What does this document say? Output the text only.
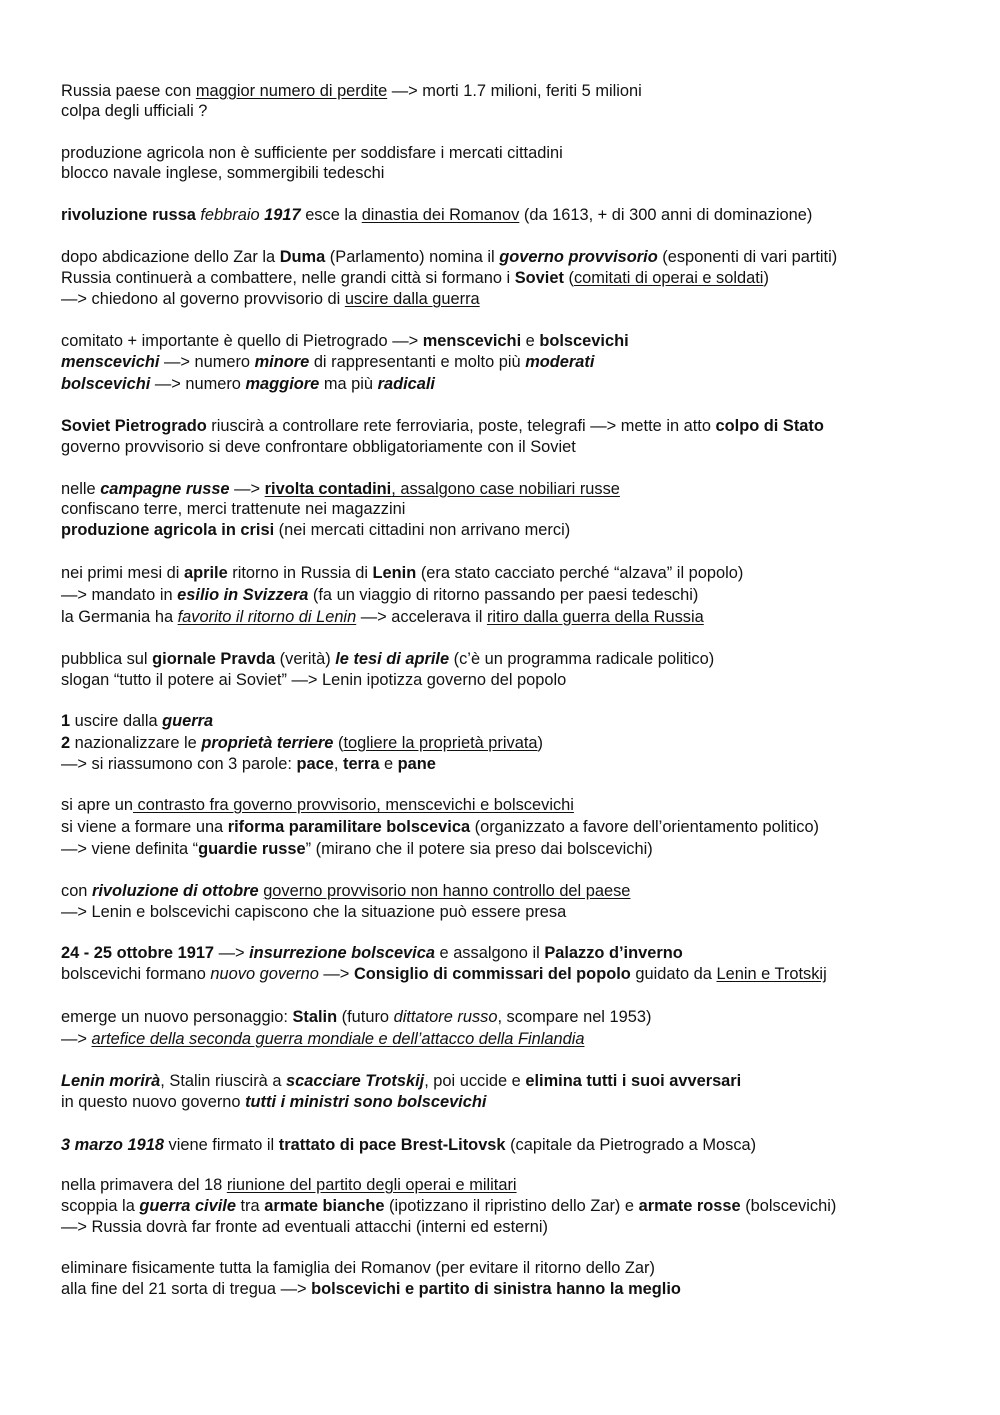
Russia paese con maggior numero di perdite —> morti 1.7 milioni, feriti 5 milioni
colpa degli ufficiali ?
produzione agricola non è sufficiente per soddisfare i mercati cittadini
blocco navale inglese, sommergibili tedeschi
rivoluzione russa febbraio 1917 esce la dinastia dei Romanov (da 1613, + di 300 anni di dominazione)
dopo abdicazione dello Zar la Duma (Parlamento) nomina il governo provvisorio (esponenti di vari partiti)
Russia continuerà a combattere, nelle grandi città si formano i Soviet (comitati di operai e soldati)
—> chiedono al governo provvisorio di uscire dalla guerra
comitato + importante è quello di Pietrogrado —> menscevichi e bolscevichi
menscevichi —> numero minore di rappresentanti e molto più moderati
bolscevichi —> numero maggiore ma più radicali
Soviet Pietrogrado riuscirà a controllare rete ferroviaria, poste, telegrafi —> mette in atto colpo di Stato
governo provvisorio si deve confrontare obbligatoriamente con il Soviet
nelle campagne russe —> rivolta contadini, assalgono case nobiliari russe
confiscano terre, merci trattenute nei magazzini
produzione agricola in crisi (nei mercati cittadini non arrivano merci)
nei primi mesi di aprile ritorno in Russia di Lenin (era stato cacciato perché “alzava” il popolo)
—> mandato in esilio in Svizzera (fa un viaggio di ritorno passando per paesi tedeschi)
la Germania ha favorito il ritorno di Lenin —> accelerava il ritiro dalla guerra della Russia
pubblica sul giornale Pravda (verità) le tesi di aprile (c’è un programma radicale politico)
slogan “tutto il potere ai Soviet” —> Lenin ipotizza governo del popolo
1 uscire dalla guerra
2 nazionalizzare le proprietà terriere (togliere la proprietà privata)
—> si riassumono con 3 parole: pace, terra e pane
si apre un contrasto fra governo provvisorio, menscevichi e bolscevichi
si viene a formare una riforma paramilitare bolscevica (organizzato a favore dell’orientamento politico)
—> viene definita “guardie russe” (mirano che il potere sia preso dai bolscevichi)
con rivoluzione di ottobre governo provvisorio non hanno controllo del paese
—> Lenin e bolscevichi capiscono che la situazione può essere presa
24 - 25 ottobre 1917 —> insurrezione bolscevica e assalgono il Palazzo d’inverno
bolscevichi formano nuovo governo —> Consiglio di commissari del popolo guidato da Lenin e Trotskij
emerge un nuovo personaggio: Stalin (futuro dittatore russo, scompare nel 1953)
—> artefice della seconda guerra mondiale e dell’attacco della Finlandia
Lenin morirà, Stalin riuscirà a scacciare Trotskij, poi uccide e elimina tutti i suoi avversari
in questo nuovo governo tutti i ministri sono bolscevichi
3 marzo 1918 viene firmato il trattato di pace Brest-Litovsk (capitale da Pietrogrado a Mosca)
nella primavera del 18 riunione del partito degli operai e militari
scoppia la guerra civile tra armate bianche (ipotizzano il ripristino dello Zar) e armate rosse (bolscevichi)
—> Russia dovrà far fronte ad eventuali attacchi (interni ed esterni)
eliminare fisicamente tutta la famiglia dei Romanov (per evitare il ritorno dello Zar)
alla fine del 21 sorta di tregua —> bolscevichi e partito di sinistra hanno la meglio
